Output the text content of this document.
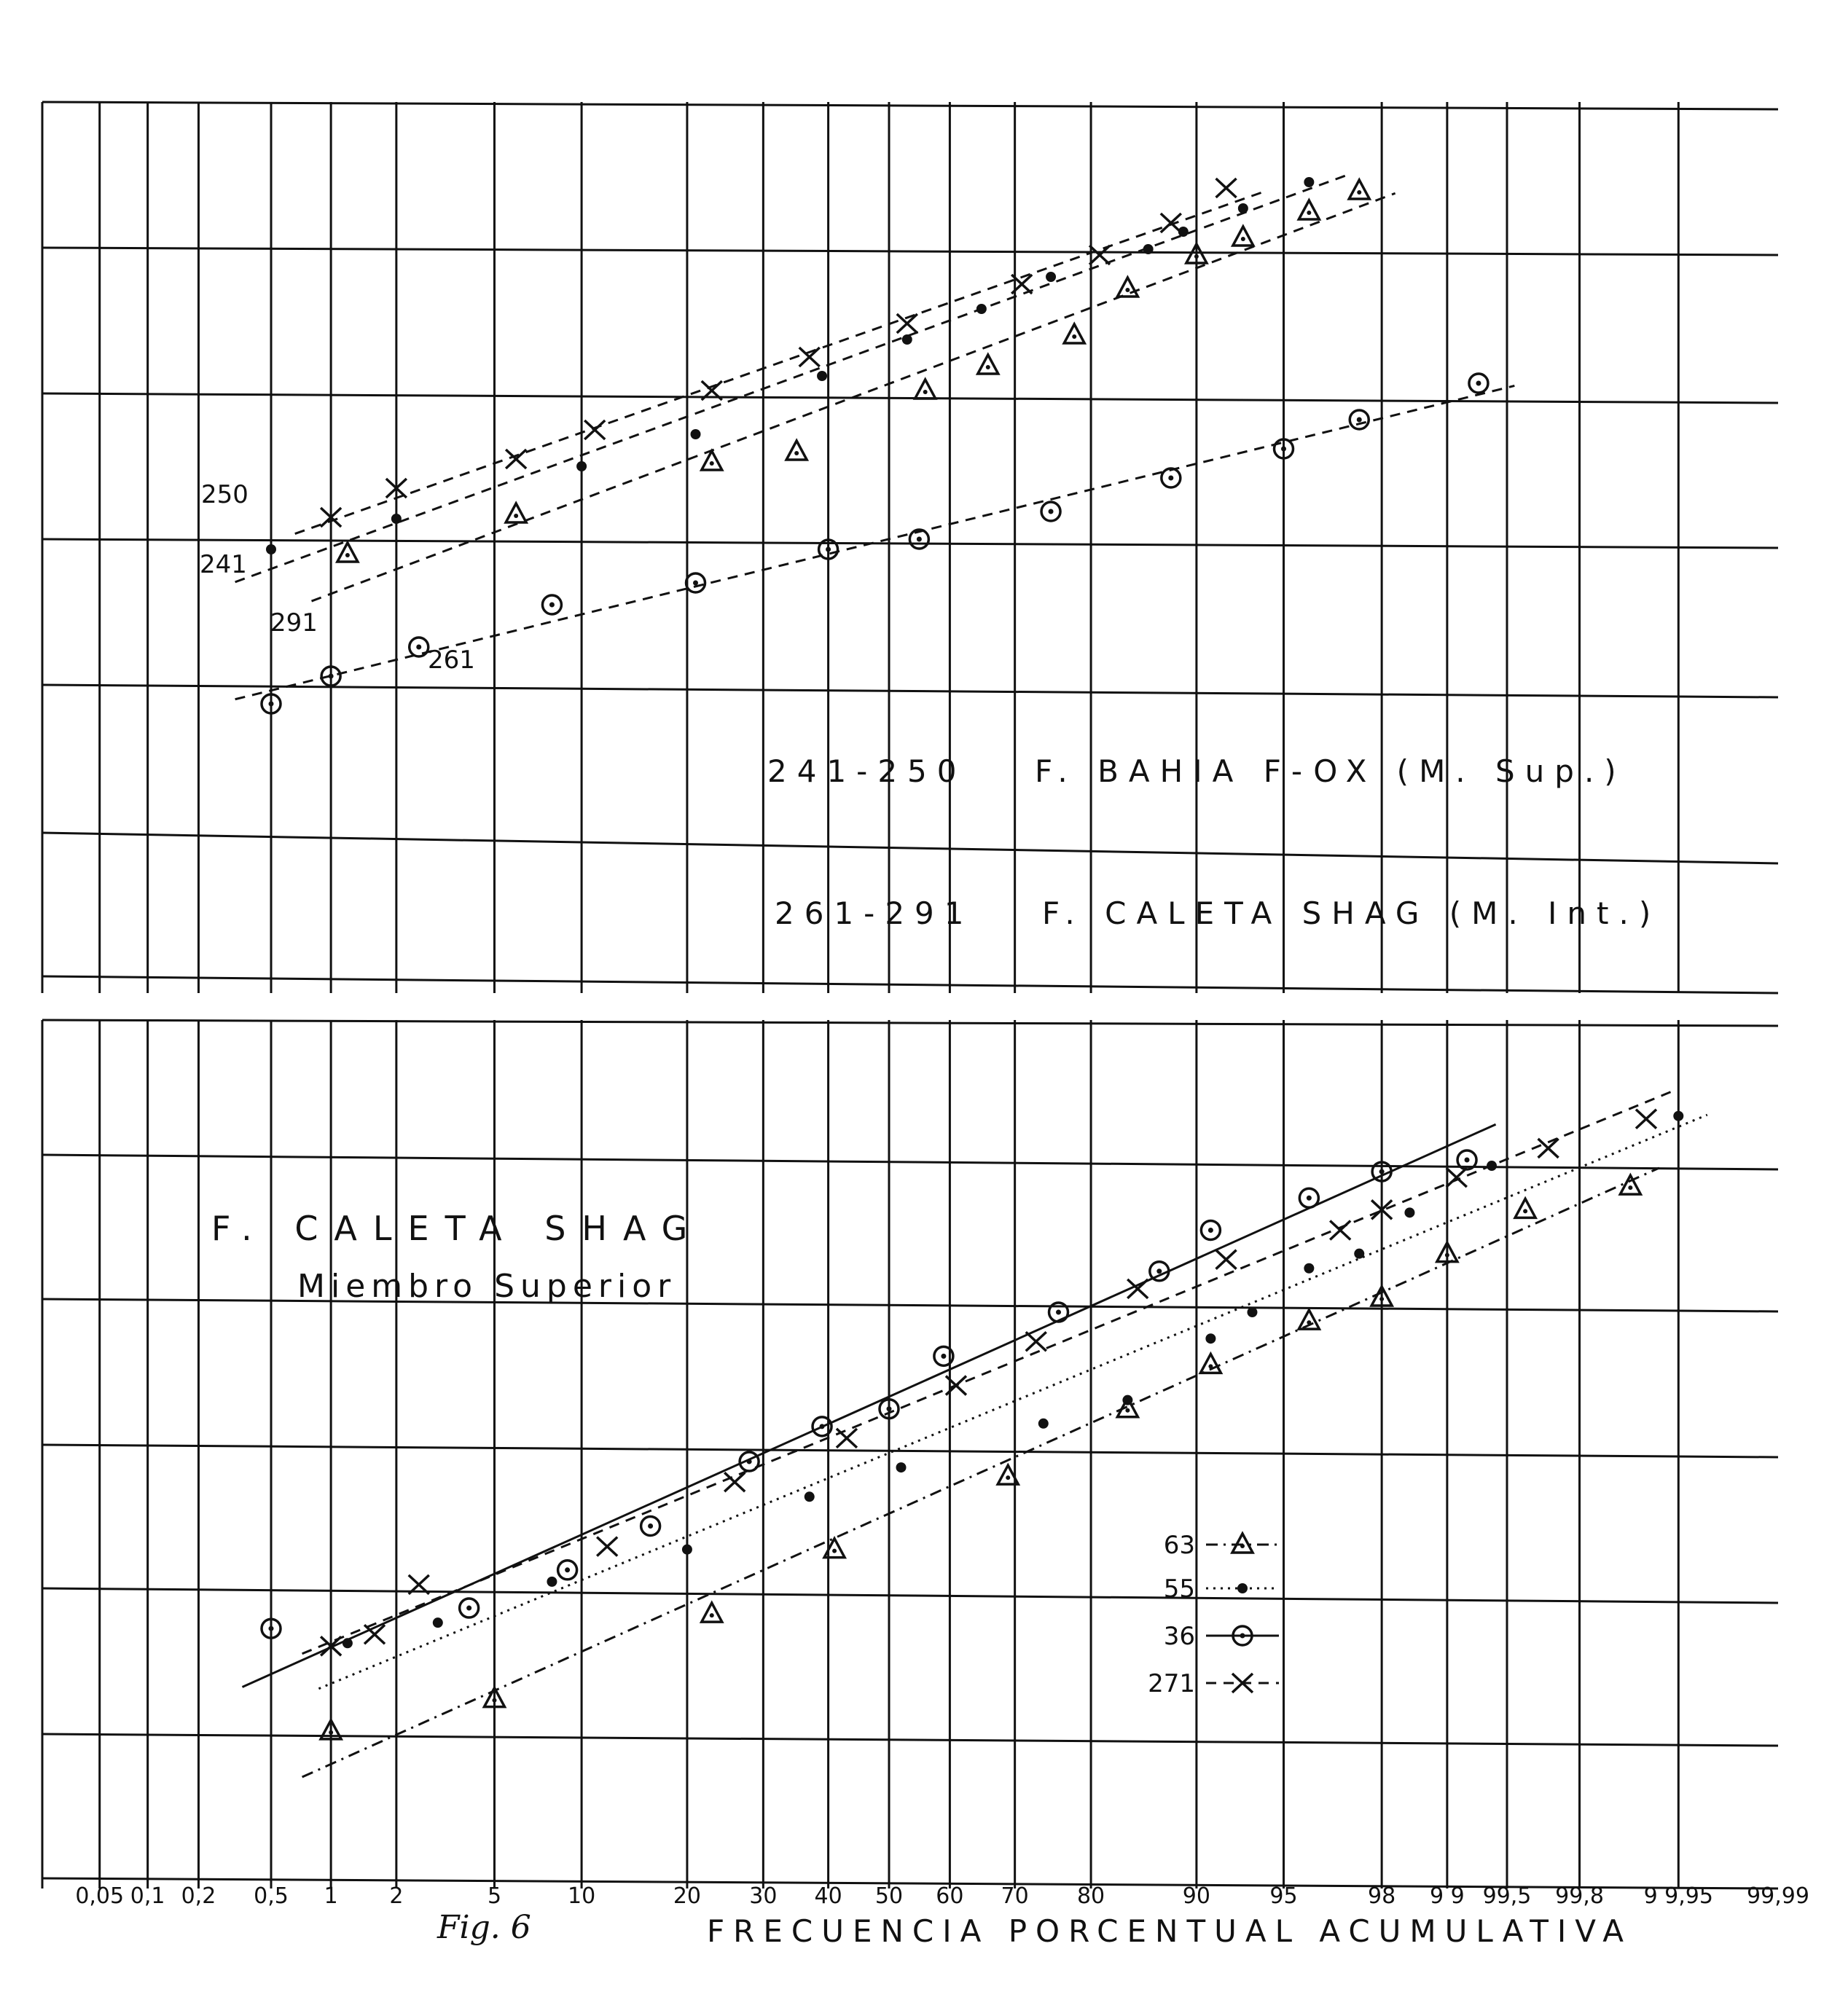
250
241
291
261
241-250 F. BAHIA F-OX (M. Sup.)
261-291 F. CALETA SHAG (M. Int.)
F. CALETA SHAG
Miembro Superior
63
55
36
271
0,05 0,1 0,2 0,5 1 2	5	10	20 30 40 50 60 70 80	90	95	98 9 9 99,5 99,8 9 9,95 99,99
Fig. 6	FRECUENCIA PORCENTUAL ACUMULATIVA
